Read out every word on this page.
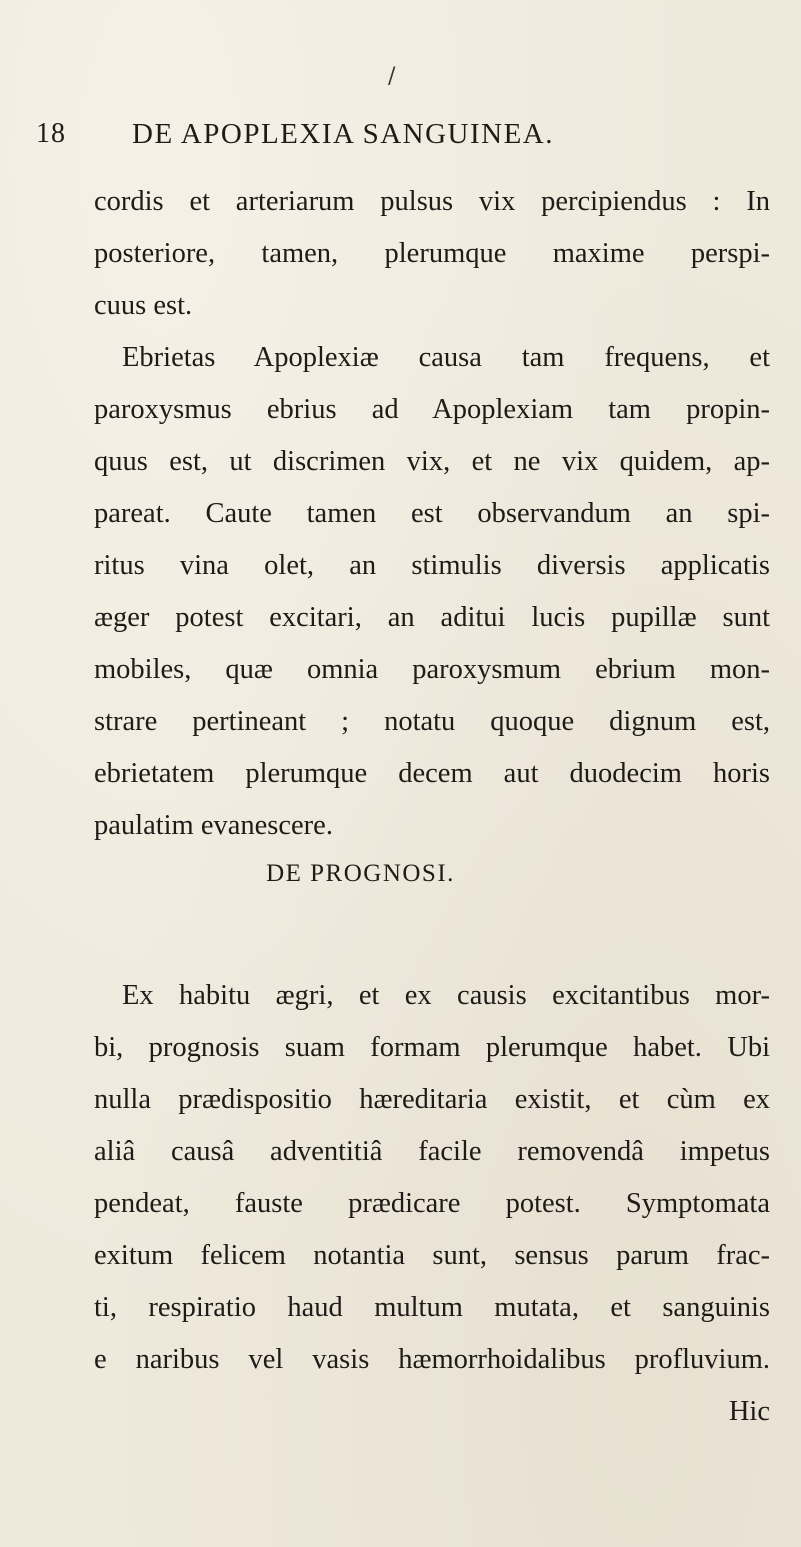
/
18 DE APOPLEXIA SANGUINEA.
cordis et arteriarum pulsus vix percipiendus : In
posteriore, tamen, plerumque maxime perspi-
cuus est.
Ebrietas Apoplexiæ causa tam frequens, et
paroxysmus ebrius ad Apoplexiam tam propin-
quus est, ut discrimen vix, et ne vix quidem, ap-
pareat. Caute tamen est observandum an spi-
ritus vina olet, an stimulis diversis applicatis
æger potest excitari, an aditui lucis pupillæ sunt
mobiles, quæ omnia paroxysmum ebrium mon-
strare pertineant ; notatu quoque dignum est,
ebrietatem plerumque decem aut duodecim horis
paulatim evanescere.
DE PROGNOSI.
Ex habitu ægri, et ex causis excitantibus mor-
bi, prognosis suam formam plerumque habet. Ubi
nulla prædispositio hæreditaria existit, et cùm ex
aliâ causâ adventitiâ facile removendâ impetus
pendeat, fauste prædicare potest. Symptomata
exitum felicem notantia sunt, sensus parum frac-
ti, respiratio haud multum mutata, et sanguinis
e naribus vel vasis hæmorrhoidalibus profluvium.
Hic
